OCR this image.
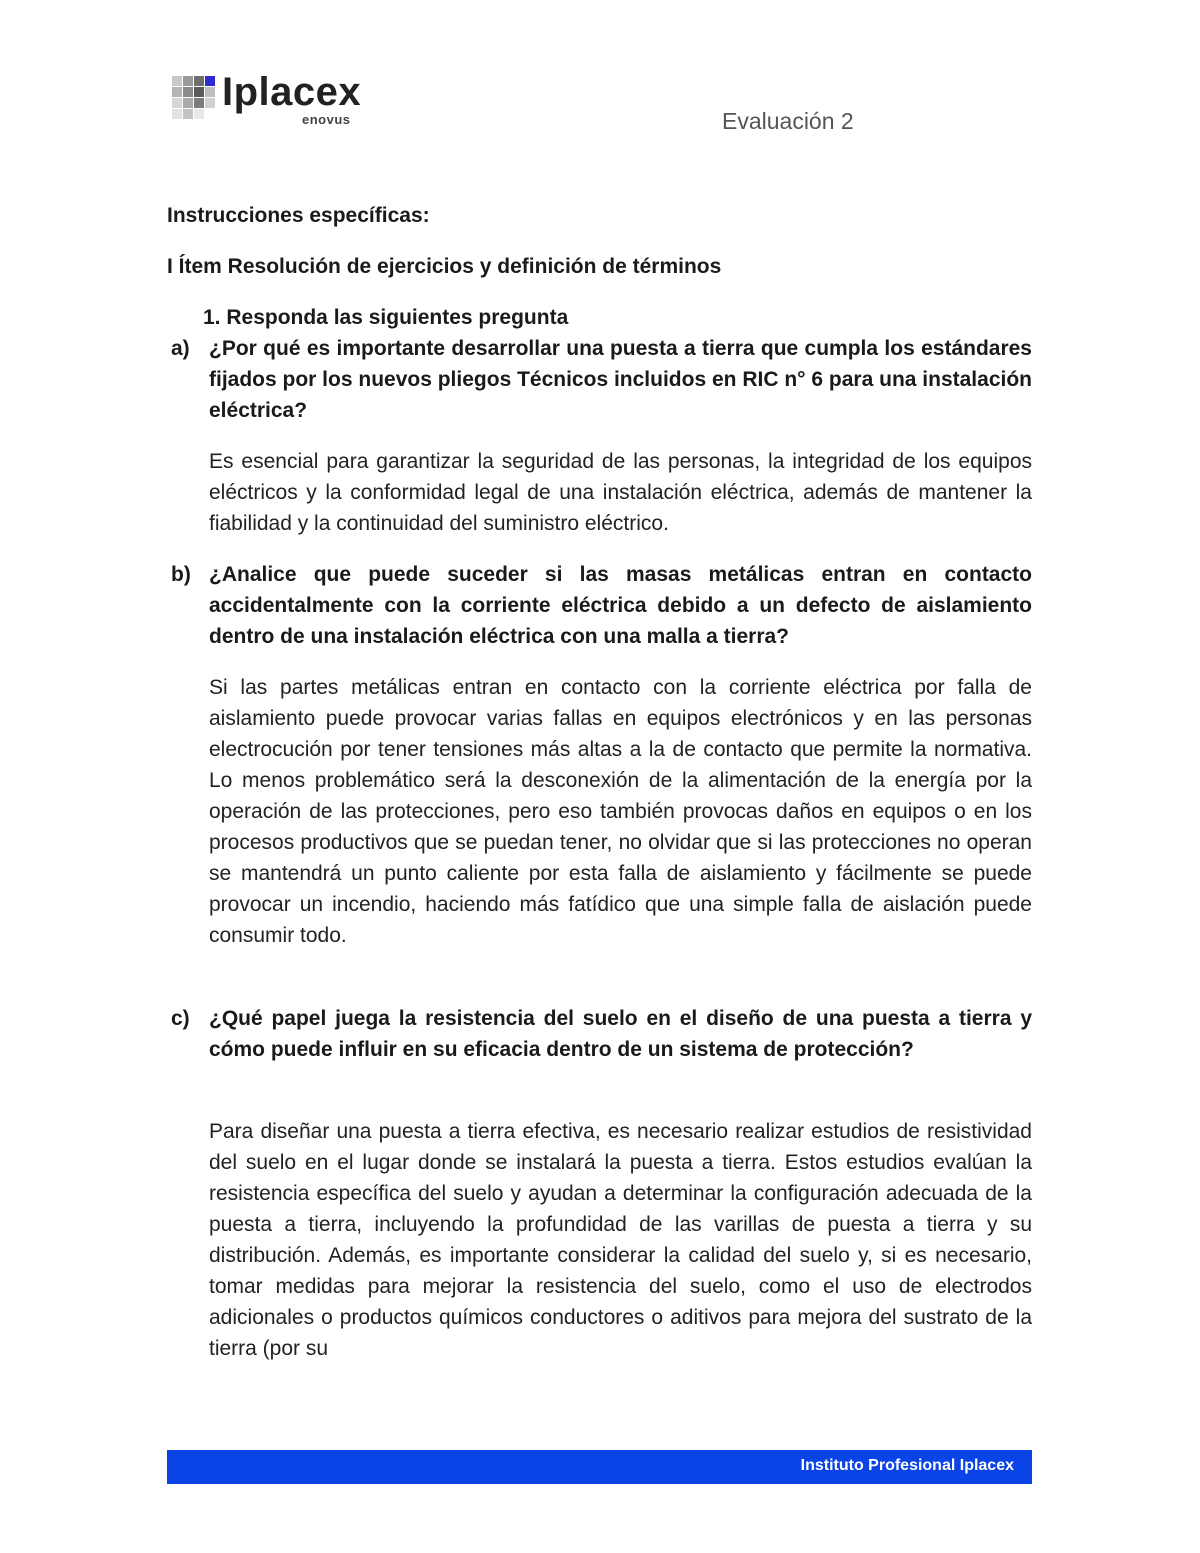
Iplacex
enovus	Evaluación 2
Instrucciones específicas:
I Ítem Resolución de ejercicios y definición de términos
1. Responda las siguientes pregunta
a) ¿Por qué es importante desarrollar una puesta a tierra que cumpla los estándares fijados por los nuevos pliegos Técnicos incluidos en RIC n° 6 para una instalación eléctrica?
Es esencial para garantizar la seguridad de las personas, la integridad de los equipos eléctricos y la conformidad legal de una instalación eléctrica, además de mantener la fiabilidad y la continuidad del suministro eléctrico.
b) ¿Analice que puede suceder si las masas metálicas entran en contacto accidentalmente con la corriente eléctrica debido a un defecto de aislamiento dentro de una instalación eléctrica con una malla a tierra?
Si las partes metálicas entran en contacto con la corriente eléctrica por falla de aislamiento puede provocar varias fallas en equipos electrónicos y en las personas electrocución por tener tensiones más altas a la de contacto que permite la normativa. Lo menos problemático será la desconexión de la alimentación de la energía por la operación de las protecciones, pero eso también provocas daños en equipos o en los procesos productivos que se puedan tener, no olvidar que si las protecciones no operan se mantendrá un punto caliente por esta falla de aislamiento y fácilmente se puede provocar un incendio, haciendo más fatídico que una simple falla de aislación puede consumir todo.
c) ¿Qué papel juega la resistencia del suelo en el diseño de una puesta a tierra y cómo puede influir en su eficacia dentro de un sistema de protección?
Para diseñar una puesta a tierra efectiva, es necesario realizar estudios de resistividad del suelo en el lugar donde se instalará la puesta a tierra. Estos estudios evalúan la resistencia específica del suelo y ayudan a determinar la configuración adecuada de la puesta a tierra, incluyendo la profundidad de las varillas de puesta a tierra y su distribución. Además, es importante considerar la calidad del suelo y, si es necesario, tomar medidas para mejorar la resistencia del suelo, como el uso de electrodos adicionales o productos químicos conductores o aditivos para mejora del sustrato de la tierra (por su
Instituto Profesional Iplacex
